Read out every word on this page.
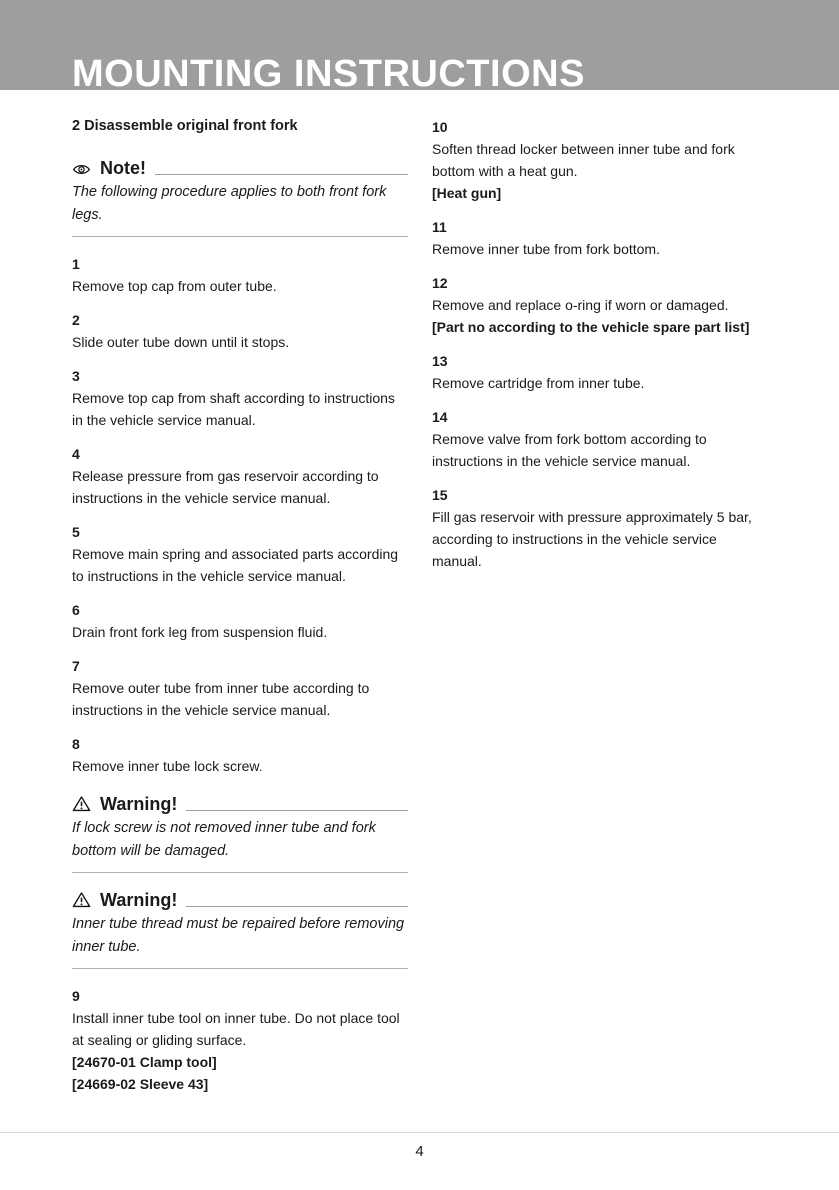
MOUNTING INSTRUCTIONS

2 Disassemble original front fork

Note!
The following procedure applies to both front fork legs.
1
Remove top cap from outer tube.
2
Slide outer tube down until it stops.
3
Remove top cap from shaft according to instructions in the vehicle service manual.
4
Release pressure from gas reservoir according to instructions in the vehicle service manual.
5
Remove main spring and associated parts according to instructions in the vehicle service manual.
6
Drain front fork leg from suspension fluid.
7
Remove outer tube from inner tube according to instructions in the vehicle service manual.
8
Remove inner tube lock screw.
Warning!
If lock screw is not removed inner tube and fork bottom will be damaged.
Warning!
Inner tube thread must be repaired before removing inner tube.
9
Install inner tube tool on inner tube. Do not place tool at sealing or gliding surface.
[24670-01 Clamp tool]
[24669-02 Sleeve 43]
10
Soften thread locker between inner tube and fork bottom with a heat gun.
[Heat gun]
11
Remove inner tube from fork bottom.
12
Remove and replace o-ring if worn or damaged.
[Part no according to the vehicle spare part list]
13
Remove cartridge from inner tube.
14
Remove valve from fork bottom according to instructions in the vehicle service manual.
15
Fill gas reservoir with pressure approximately 5 bar, according to instructions in the vehicle service manual.
4
